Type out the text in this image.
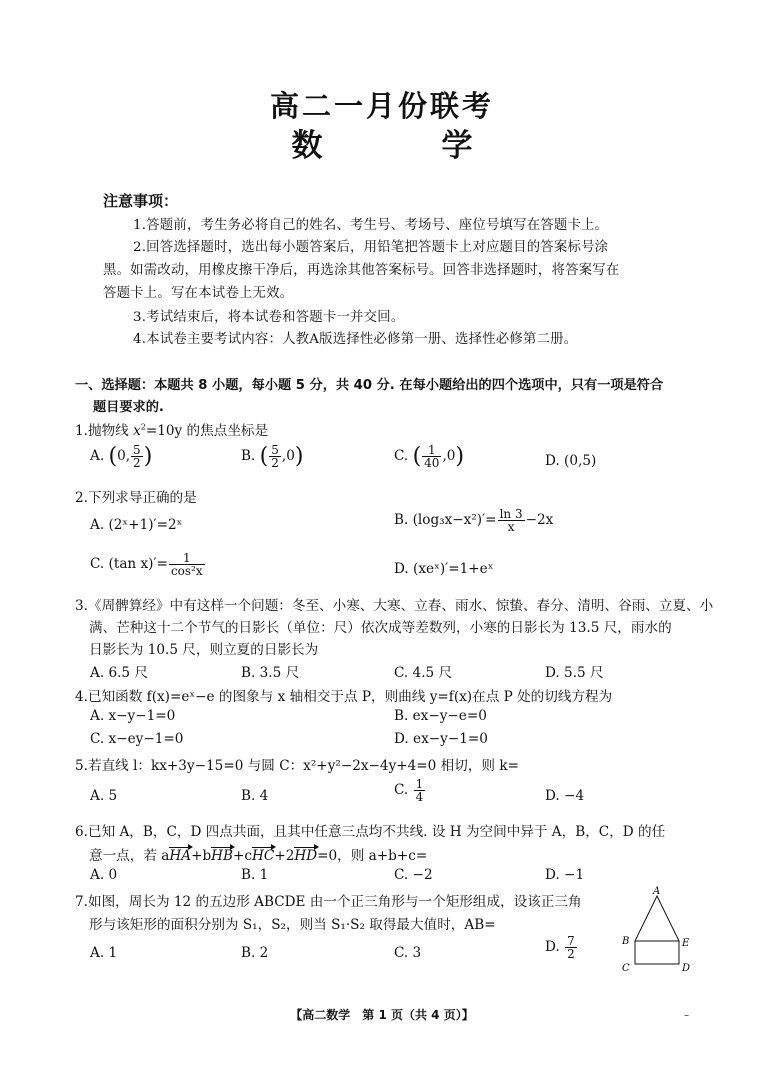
高二一月份联考
数　学
注意事项：
1.答题前，考生务必将自己的姓名、考生号、考场号、座位号填写在答题卡上。
2.回答选择题时，选出每小题答案后，用铅笔把答题卡上对应题目的答案标号涂
黑。如需改动，用橡皮擦干净后，再选涂其他答案标号。回答非选择题时，将答案写在
答题卡上。写在本试卷上无效。
3.考试结束后，将本试卷和答题卡一并交回。
4.本试卷主要考试内容：人教A版选择性必修第一册、选择性必修第二册。
一、选择题：本题共 8 小题，每小题 5 分，共 40 分. 在每小题给出的四个选项中，只有一项是符合
题目要求的.
1.抛物线 $x^2=10y$ 的焦点坐标是
A. (0, $\frac{5}{2}$ )	B. ( $\frac{5}{2} ,0$)	C. ( $\frac{1}{40} ,0$)	D. (0,5)
2.下列求导正确的是
A. (2ˣ+1)′=2ˣ	B. $(\log_3x-x^2)'= \frac{\ln 3}{x} -2x$
C. (tan $x)'= \frac{1}{\text{cos²x}}$	D. (xeˣ)′=1+eˣ
3.《周髀算经》中有这样一个问题：冬至、小寒、大寒、立春、雨水、惊蛰、春分、清明、谷雨、立夏、小
满、芒种这十二个节气的日影长（单位：尺）依次成等差数列，小寒的日影长为 13.5 尺，雨水的
日影长为 10.5 尺，则立夏的日影长为
A. 6.5 尺	B. 3.5 尺	C. 4.5 尺	D. 5.5 尺
4.已知函数 f(x)=eˣ−e 的图象与 x 轴相交于点 P，则曲线 y=f(x)在点 P 处的切线方程为
A. x−y−1=0	B. ex−y−e=0
C. x−ey−1=0	D. ex−y−1=0
5.若直线 l：kx+3y−15=0 与圆 C：x²+y²−2x−4y+4=0 相切，则 k=
A. 5	B. 4	C. $\frac{1}{4}$	D. −4
6.已知 A，B，C，D 四点共面，且其中任意三点均不共线. 设 H 为空间中异于 A，B，C，D 的任
意一点，若 aHA+bHB+cHC+2HD=0，则 a+b+c=
A. 0	B. 1	C. −2	D. −1
7.如图，周长为 12 的五边形 ABCDE 由一个正三角形与一个矩形组成，设该正三角
形与该矩形的面积分别为 S₁，S₂，则当 S₁·S₂ 取得最大值时，AB=
A. 1	B. 2	C. 3	D. $\frac{7}{2}$
A
B	E
C	D
【高二数学　第 1 页（共 4 页）】	–
